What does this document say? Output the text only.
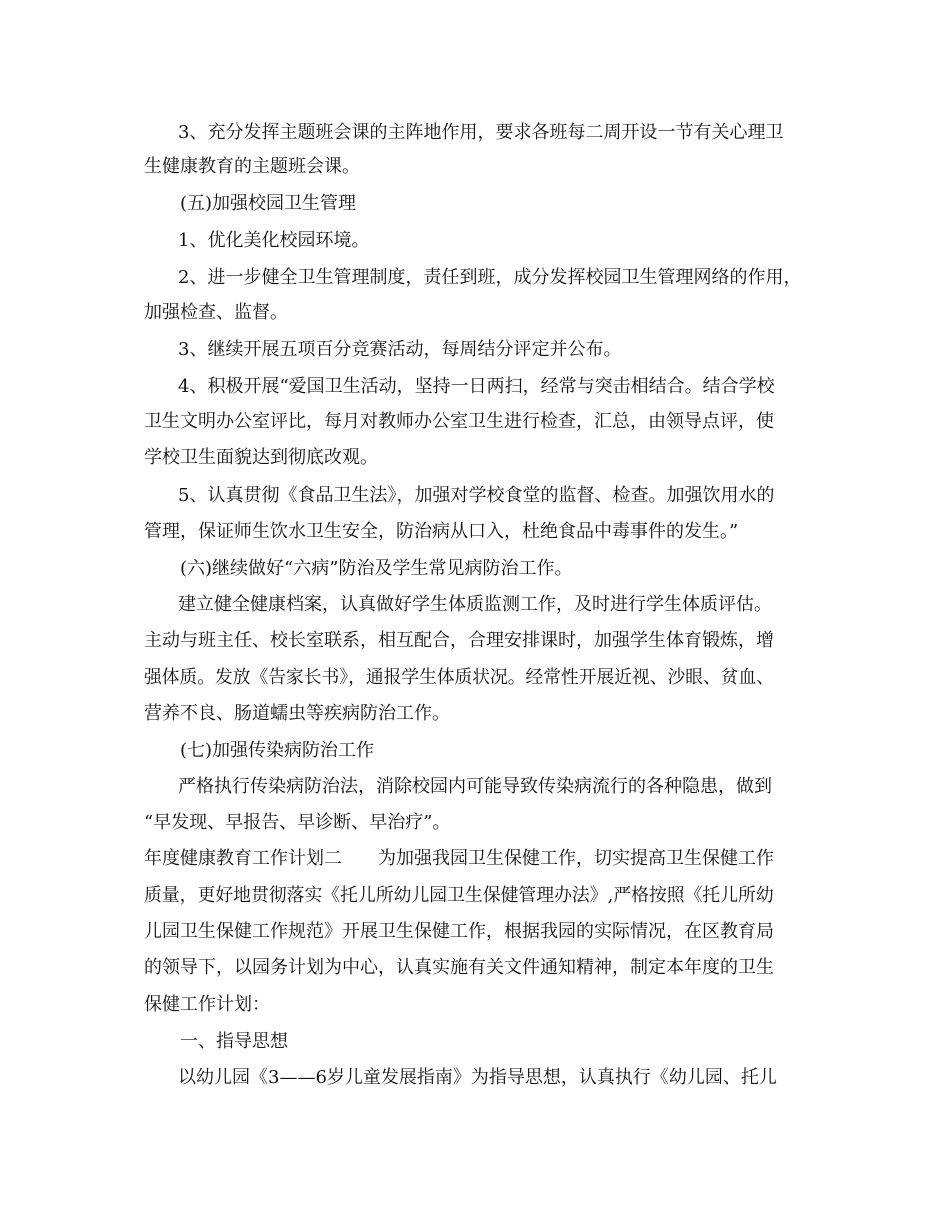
3、充分发挥主题班会课的主阵地作用，要求各班每二周开设一节有关心理卫
生健康教育的主题班会课。
(五)加强校园卫生管理
1、优化美化校园环境。
2、进一步健全卫生管理制度，责任到班，成分发挥校园卫生管理网络的作用，
加强检查、监督。
3、继续开展五项百分竞赛活动，每周结分评定并公布。
4、积极开展“爱国卫生活动，坚持一日两扫，经常与突击相结合。结合学校
卫生文明办公室评比，每月对教师办公室卫生进行检查，汇总，由领导点评，使
学校卫生面貌达到彻底改观。
5、认真贯彻《食品卫生法》，加强对学校食堂的监督、检查。加强饮用水的
管理，保证师生饮水卫生安全，防治病从口入，杜绝食品中毒事件的发生。”
(六)继续做好“六病”防治及学生常见病防治工作。
建立健全健康档案，认真做好学生体质监测工作，及时进行学生体质评估。
主动与班主任、校长室联系，相互配合，合理安排课时，加强学生体育锻炼，增
强体质。发放《告家长书》，通报学生体质状况。经常性开展近视、沙眼、贫血、
营养不良、肠道蠕虫等疾病防治工作。
(七)加强传染病防治工作
严格执行传染病防治法，消除校园内可能导致传染病流行的各种隐患，做到
“早发现、早报告、早诊断、早治疗”。
年度健康教育工作计划二　　为加强我园卫生保健工作，切实提高卫生保健工作
质量，更好地贯彻落实《托儿所幼儿园卫生保健管理办法》,严格按照《托儿所幼
儿园卫生保健工作规范》开展卫生保健工作，根据我园的实际情况，在区教育局
的领导下，以园务计划为中心，认真实施有关文件通知精神，制定本年度的卫生
保健工作计划：
一、指导思想
以幼儿园《3——6岁儿童发展指南》为指导思想，认真执行《幼儿园、托儿
